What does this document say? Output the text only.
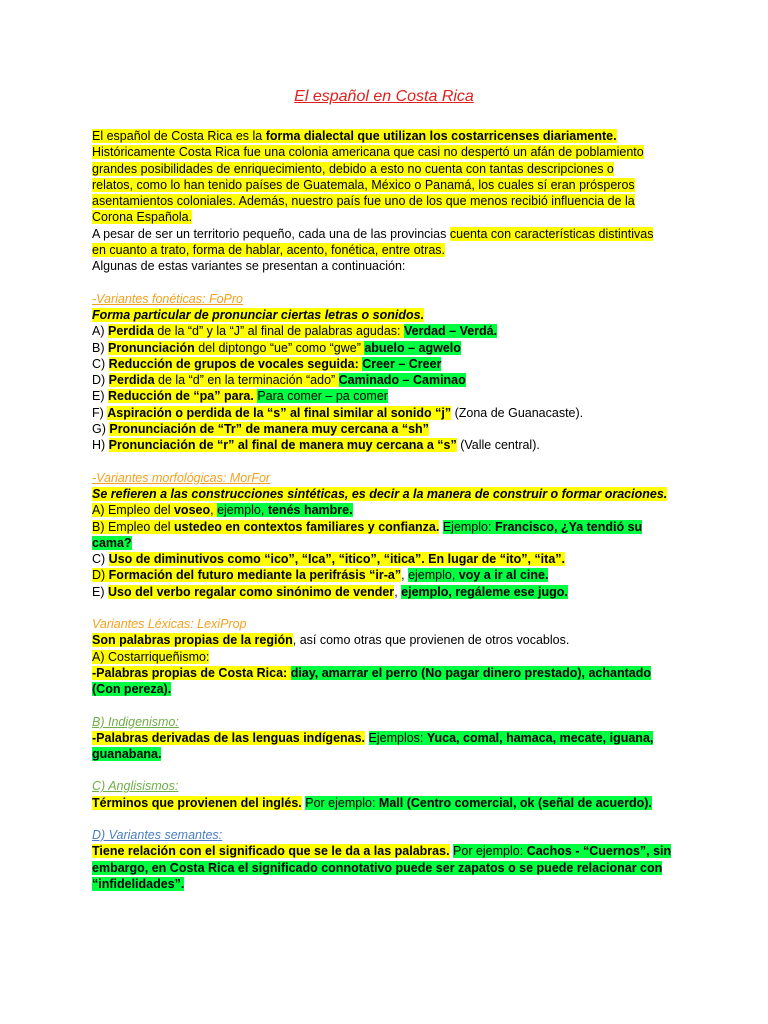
El español en Costa Rica

El español de Costa Rica es la forma dialectal que utilizan los costarricenses diariamente.

Históricamente Costa Rica fue una colonia americana que casi no despertó un afán de poblamiento

grandes posibilidades de enriquecimiento, debido a esto no cuenta con tantas descripciones o

relatos, como lo han tenido países de Guatemala, México o Panamá, los cuales sí eran prósperos

asentamientos coloniales. Además, nuestro país fue uno de los que menos recibió influencia de la

Corona Española.

A pesar de ser un territorio pequeño, cada una de las provincias cuenta con características distintivas

en cuanto a trato, forma de hablar, acento, fonética, entre otras.

Algunas de estas variantes se presentan a continuación:

-Variantes fonéticas: FoPro

Forma particular de pronunciar ciertas letras o sonidos.

A) Perdida de la “d” y la “J” al final de palabras agudas: Verdad – Verdá.

B) Pronunciación del diptongo “ue” como “gwe” abuelo – agwelo

C) Reducción de grupos de vocales seguida: Creer – Creer

D) Perdida de la “d” en la terminación “ado” Caminado – Caminao

E) Reducción de “pa” para. Para comer – pa comer

F) Aspiración o perdida de la “s” al final similar al sonido “j” (Zona de Guanacaste).

G) Pronunciación de “Tr” de manera muy cercana a “sh”

H) Pronunciación de “r” al final de manera muy cercana a “s” (Valle central).

-Variantes morfológicas: MorFor

Se refieren a las construcciones sintéticas, es decir a la manera de construir o formar oraciones.

A) Empleo del voseo, ejemplo, tenés hambre.

B) Empleo del ustedeo en contextos familiares y confianza. Ejemplo: Francisco, ¿Ya tendió su

cama?

C) Uso de diminutivos como “ico”, “Ica”, “itico”, “itica”. En lugar de “ito”, “ita”.

D) Formación del futuro mediante la perifrásis “ir-a”, ejemplo, voy a ir al cine.

E) Uso del verbo regalar como sinónimo de vender, ejemplo, regáleme ese jugo.

Variantes Léxicas: LexiProp

Son palabras propias de la región, así como otras que provienen de otros vocablos.

A) Costarriqueñismo:

-Palabras propias de Costa Rica: diay, amarrar el perro (No pagar dinero prestado), achantado

(Con pereza).

B) Indigenismo:

-Palabras derivadas de las lenguas indígenas. Ejemplos: Yuca, comal, hamaca, mecate, iguana,

guanabana.

C) Anglisismos:

Términos que provienen del inglés. Por ejemplo: Mall (Centro comercial, ok (señal de acuerdo).

D) Variantes semantes:

Tiene relación con el significado que se le da a las palabras. Por ejemplo: Cachos - “Cuernos”, sin

embargo, en Costa Rica el significado connotativo puede ser zapatos o se puede relacionar con

“infidelidades”.
